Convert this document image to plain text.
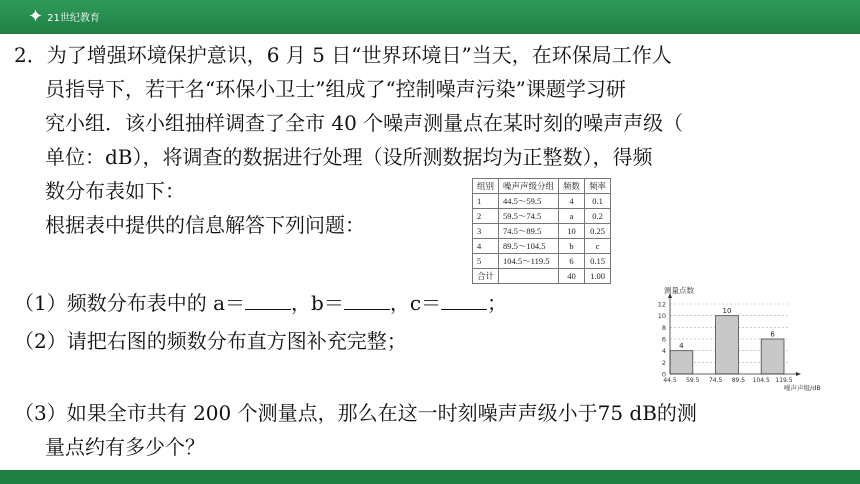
✦ 21世纪教育
2．为了增强环境保护意识，6 月 5 日“世界环境日”当天，在环保局工作人
员指导下，若干名“环保小卫士”组成了“控制噪声污染”课题学习研
究小组．该小组抽样调查了全市 40 个噪声测量点在某时刻的噪声声级（
单位：dB），将调查的数据进行处理（设所测数据均为正整数），得频
数分布表如下：
根据表中提供的信息解答下列问题：
组别	噪声声级分组	频数	频率
1	44.5～59.5	4	0.1
2	59.5～74.5	a	0.2
3	74.5～89.5	10	0.25
4	89.5～104.5	b	c
5	104.5～119.5	6	0.15
合计		40	1.00
（1）频数分布表中的 a＝ ，b＝ ，c＝ ；
（2）请把右图的频数分布直方图补充完整；
（3）如果全市共有 200 个测量点，那么在这一时刻噪声声级小于75 dB的测
量点约有多少个？
4
10
6
0
2
4
6
8
10
12
44.5 59.5 74.5 89.5 104.5 119.5
测量点数
噪声声级/dB
